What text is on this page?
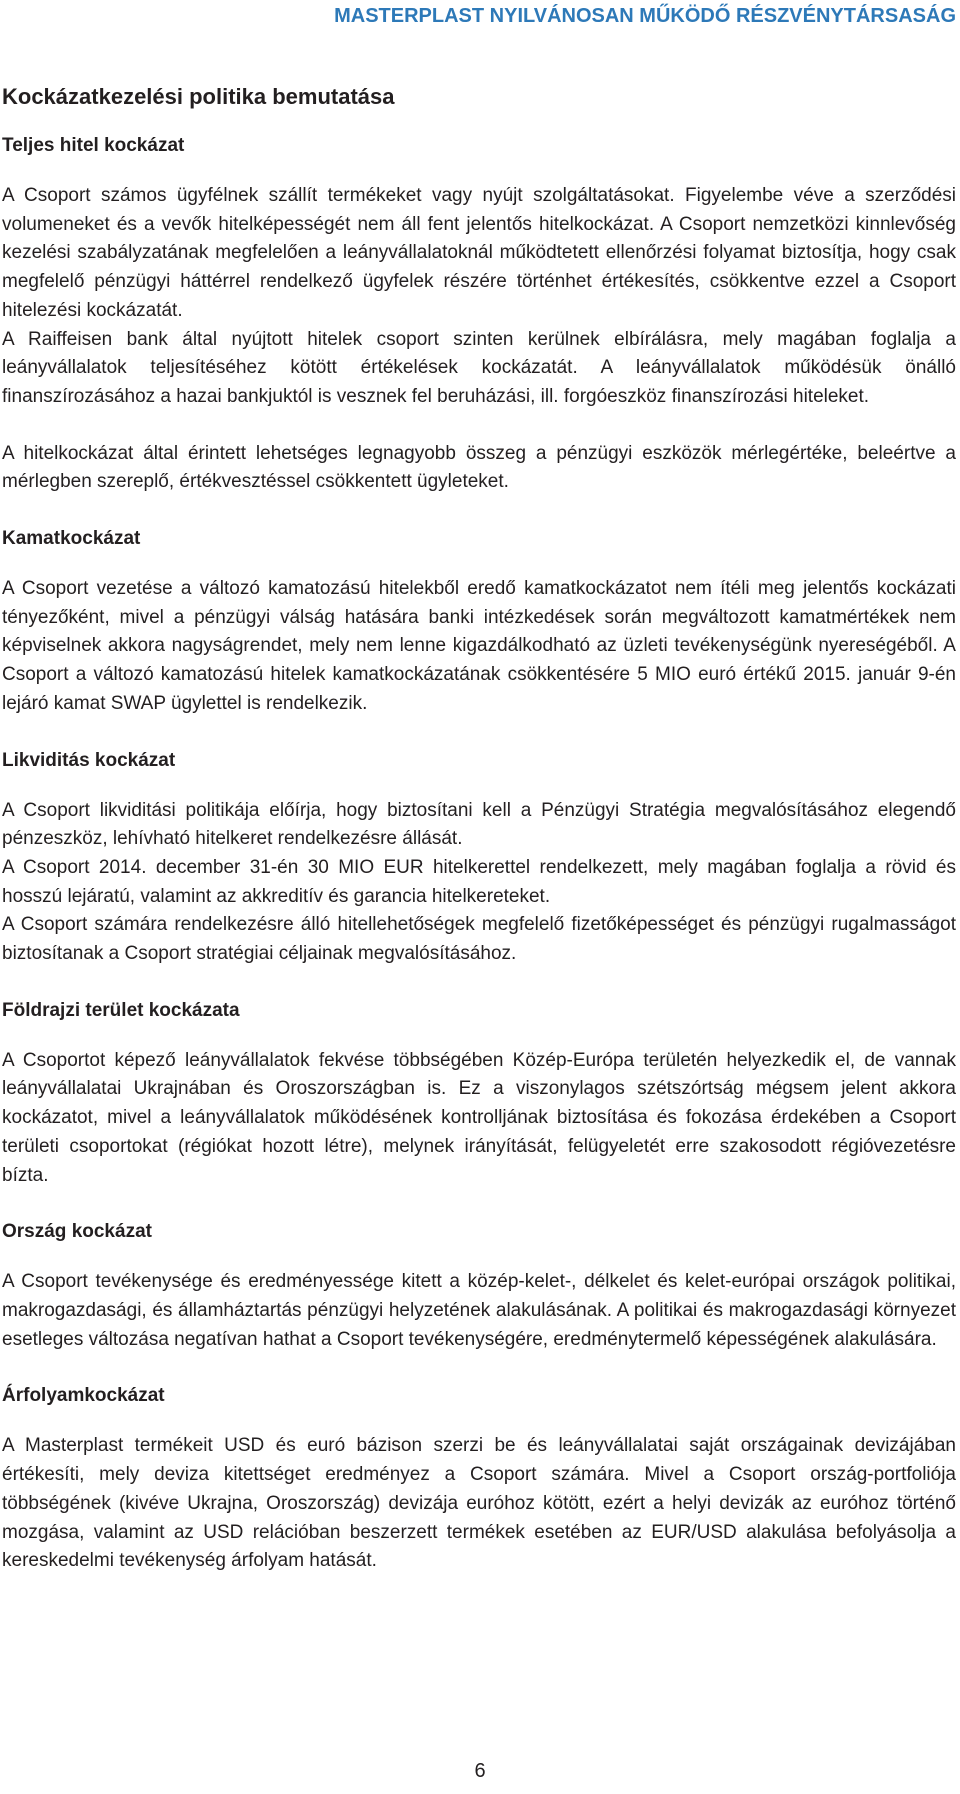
MASTERPLAST NYILVÁNOSAN MŰKÖDŐ RÉSZVÉNYTÁRSASÁG
Kockázatkezelési politika bemutatása
Teljes hitel kockázat

A Csoport számos ügyfélnek szállít termékeket vagy nyújt szolgáltatásokat. Figyelembe véve a szerződési volumeneket és a vevők hitelképességét nem áll fent jelentős hitelkockázat. A Csoport nemzetközi kinnlevőség kezelési szabályzatának megfelelően a leányvállalatoknál működtetett ellenőrzési folyamat biztosítja, hogy csak megfelelő pénzügyi háttérrel rendelkező ügyfelek részére történhet értékesítés, csökkentve ezzel a Csoport hitelezési kockázatát.

A Raiffeisen bank által nyújtott hitelek csoport szinten kerülnek elbírálásra, mely magában foglalja a leányvállalatok teljesítéséhez kötött értékelések kockázatát. A leányvállalatok működésük önálló finanszírozásához a hazai bankjuktól is vesznek fel beruházási, ill. forgóeszköz finanszírozási hiteleket.

A hitelkockázat által érintett lehetséges legnagyobb összeg a pénzügyi eszközök mérlegértéke, beleértve a mérlegben szereplő, értékvesztéssel csökkentett ügyleteket.

Kamatkockázat

A Csoport vezetése a változó kamatozású hitelekből eredő kamatkockázatot nem ítéli meg jelentős kockázati tényezőként, mivel a pénzügyi válság hatására banki intézkedések során megváltozott kamatmértékek nem képviselnek akkora nagyságrendet, mely nem lenne kigazdálkodható az üzleti tevékenységünk nyereségéből. A Csoport a változó kamatozású hitelek kamatkockázatának csökkentésére 5 MIO euró értékű 2015. január 9-én lejáró kamat SWAP ügylettel is rendelkezik.

Likviditás kockázat

A Csoport likviditási politikája előírja, hogy biztosítani kell a Pénzügyi Stratégia megvalósításához elegendő pénzeszköz, lehívható hitelkeret rendelkezésre állását.

A Csoport 2014. december 31-én 30 MIO EUR hitelkerettel rendelkezett, mely magában foglalja a rövid és hosszú lejáratú, valamint az akkreditív és garancia hitelkereteket.

A Csoport számára rendelkezésre álló hitellehetőségek megfelelő fizetőképességet és pénzügyi rugalmasságot biztosítanak a Csoport stratégiai céljainak megvalósításához.

Földrajzi terület kockázata

A Csoportot képező leányvállalatok fekvése többségében Közép-Európa területén helyezkedik el, de vannak leányvállalatai Ukrajnában és Oroszországban is. Ez a viszonylagos szétszórtság mégsem jelent akkora kockázatot, mivel a leányvállalatok működésének kontrolljának biztosítása és fokozása érdekében a Csoport területi csoportokat (régiókat hozott létre), melynek irányítását, felügyeletét erre szakosodott régióvezetésre bízta.

Ország kockázat

A Csoport tevékenysége és eredményessége kitett a közép-kelet-, délkelet és kelet-európai országok politikai, makrogazdasági, és államháztartás pénzügyi helyzetének alakulásának. A politikai és makrogazdasági környezet esetleges változása negatívan hathat a Csoport tevékenységére, eredménytermelő képességének alakulására.

Árfolyamkockázat

A Masterplast termékeit USD és euró bázison szerzi be és leányvállalatai saját országainak devizájában értékesíti, mely deviza kitettséget eredményez a Csoport számára. Mivel a Csoport ország-portfoliója többségének (kivéve Ukrajna, Oroszország) devizája euróhoz kötött, ezért a helyi devizák az euróhoz történő mozgása, valamint az USD relációban beszerzett termékek esetében az EUR/USD alakulása befolyásolja a kereskedelmi tevékenység árfolyam hatását.

6
